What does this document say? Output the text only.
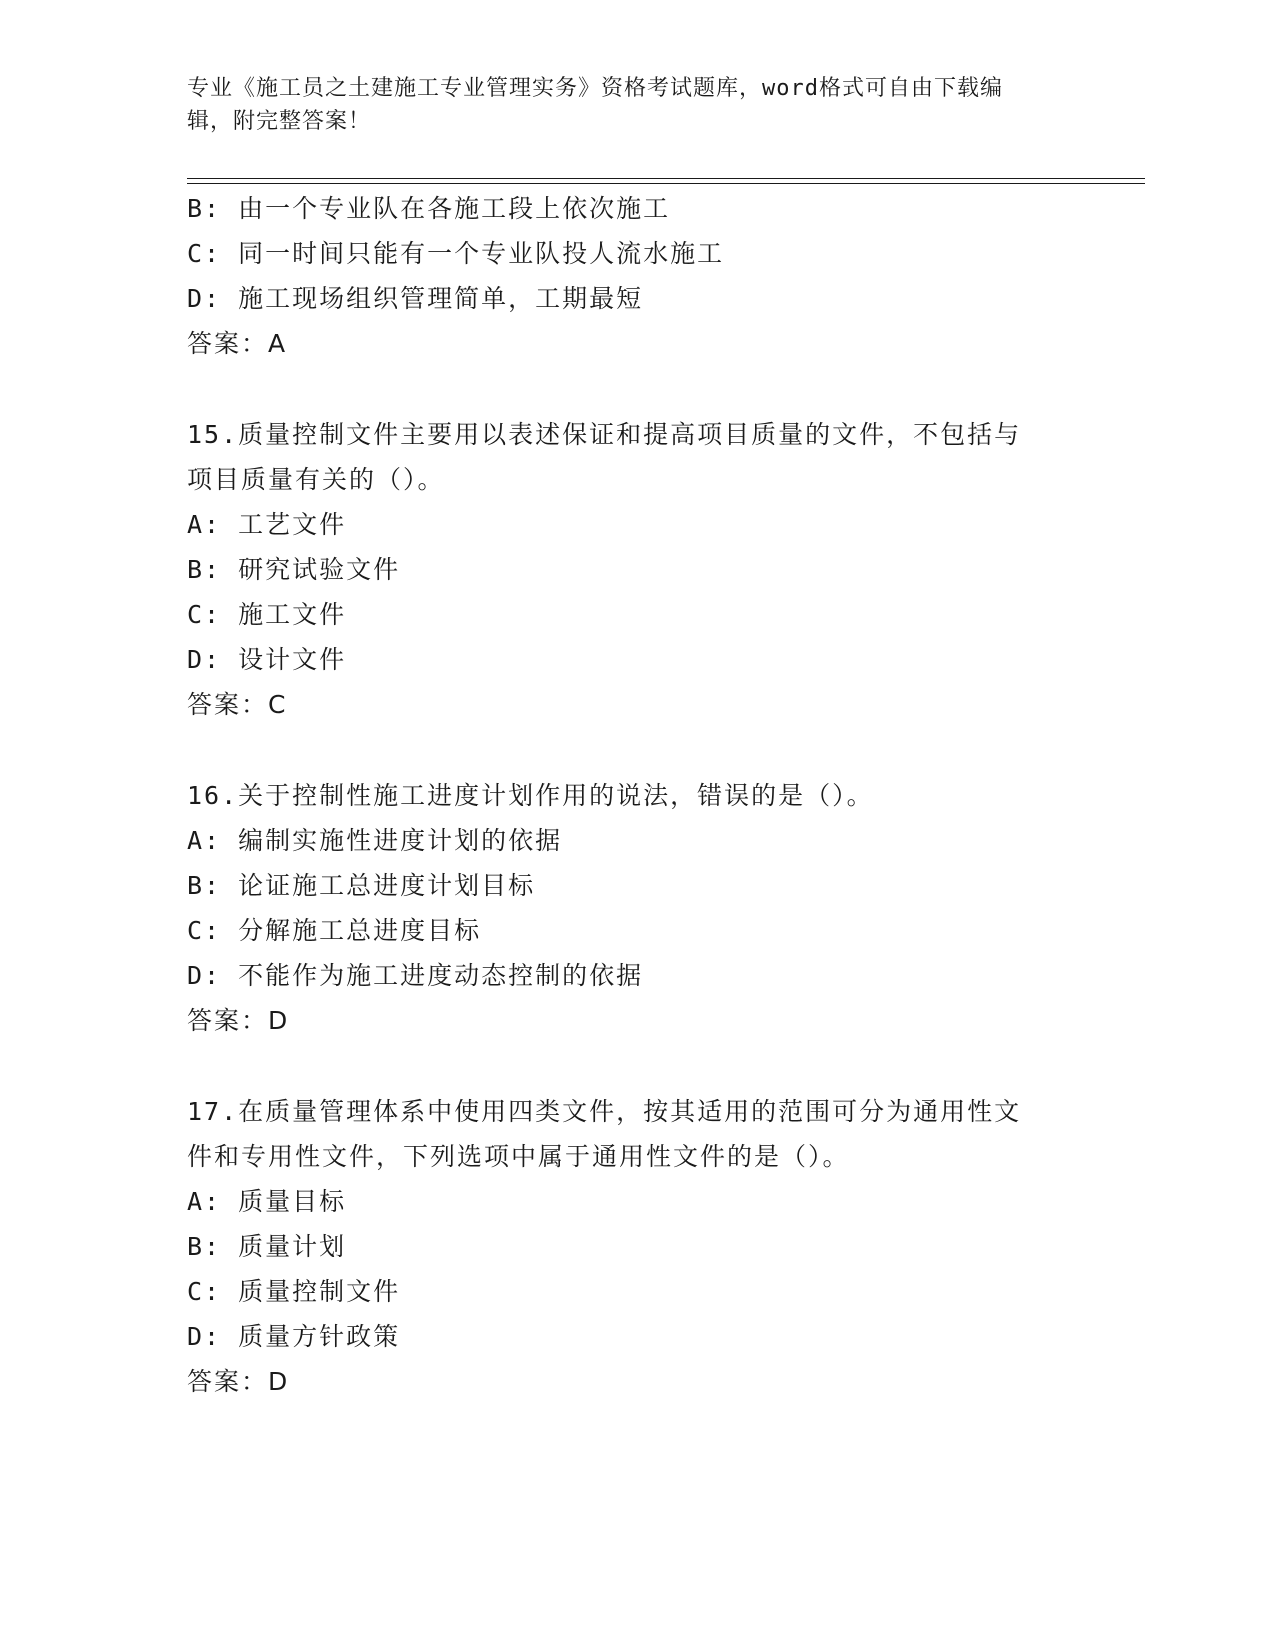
专业《施工员之土建施工专业管理实务》资格考试题库，word格式可自由下载编
辑，附完整答案！
B: 由一个专业队在各施工段上依次施工
C: 同一时间只能有一个专业队投人流水施工
D: 施工现场组织管理简单，工期最短
答案：A
15.质量控制文件主要用以表述保证和提高项目质量的文件，不包括与
项目质量有关的（）。
A: 工艺文件
B: 研究试验文件
C: 施工文件
D: 设计文件
答案：C
16.关于控制性施工进度计划作用的说法，错误的是（）。
A: 编制实施性进度计划的依据
B: 论证施工总进度计划目标
C: 分解施工总进度目标
D: 不能作为施工进度动态控制的依据
答案：D
17.在质量管理体系中使用四类文件，按其适用的范围可分为通用性文
件和专用性文件，下列选项中属于通用性文件的是（）。
A: 质量目标
B: 质量计划
C: 质量控制文件
D: 质量方针政策
答案：D
